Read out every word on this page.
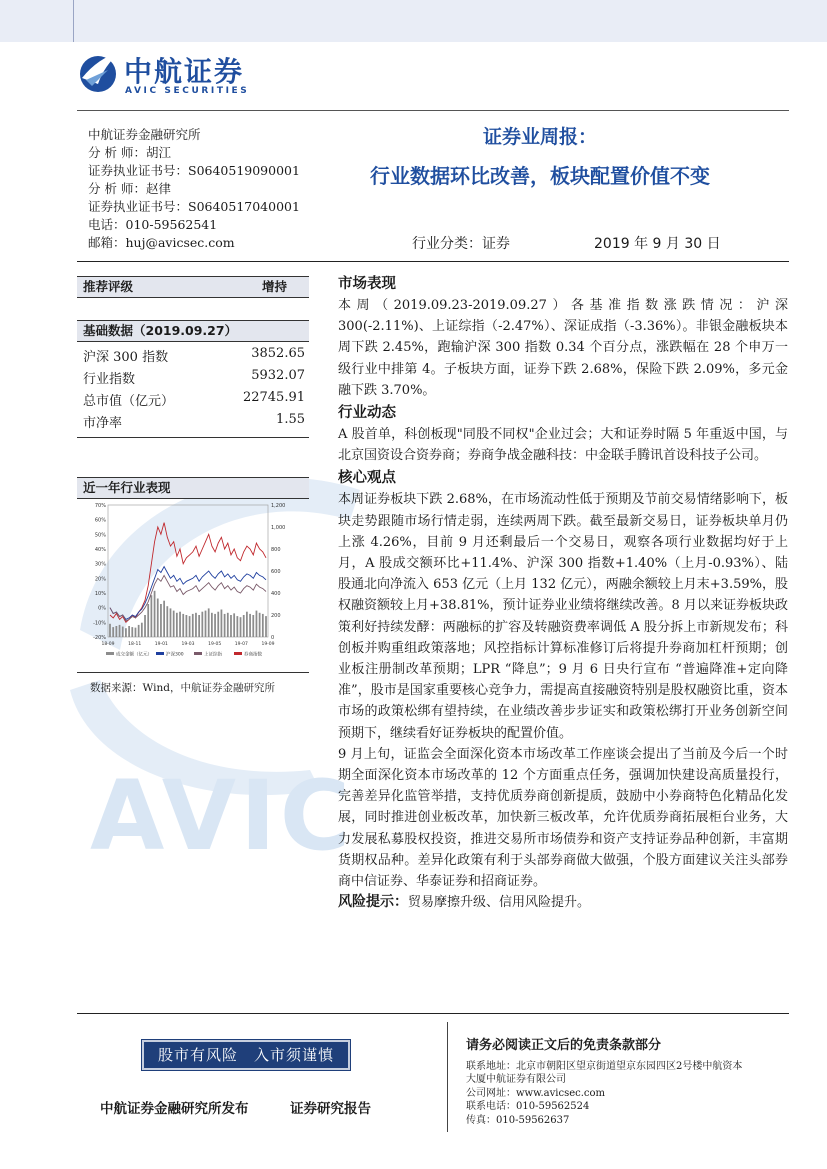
AVIC
中航证券
AVIC SECURITIES
中航证券金融研究所
分 析 师：胡江
证券执业证书号：S0640519090001
分 析 师：赵律
证券执业证书号：S0640517040001
电话：010-59562541
邮箱：huj@avicsec.com
证券业周报：
行业数据环比改善，板块配置价值不变
行业分类：证券	2019 年 9 月 30 日
推荐评级	增持
基础数据（2019.09.27）
沪深 300 指数	3852.65
行业指数	5932.07
总市值（亿元）	22745.91
市净率	1.55
近一年行业表现
70%
60%
50%
40%
30%
20%
10%
0%
-10%
-20%
1,200
1,000
800
600
400
200
0
18-09	18-11	19-01	19-03	19-05	19-07	19-09
成交金额（亿元）	沪深300	上证综指	券商指数
数据来源：Wind，中航证券金融研究所
市场表现

本周（2019.09.23-2019.09.27）各基准指数涨跌情况：沪深 300(-2.11%)、上证综指（-2.47%）、深证成指（-3.36%）。非银金融板块本周下跌 2.45%，跑输沪深 300 指数 0.34 个百分点，涨跌幅在 28 个申万一级行业中排第 4。子板块方面，证券下跌 2.68%，保险下跌 2.09%，多元金融下跌 3.70%。

行业动态

A 股首单，科创板现"同股不同权"企业过会；大和证券时隔 5 年重返中国，与北京国资设合资券商；券商争战金融科技：中金联手腾讯首设科技子公司。

核心观点

本周证券板块下跌 2.68%，在市场流动性低于预期及节前交易情绪影响下，板块走势跟随市场行情走弱，连续两周下跌。截至最新交易日，证券板块单月仍上涨 4.26%，目前 9 月还剩最后一个交易日，观察各项行业数据均好于上月，A 股成交额环比+11.4%、沪深 300 指数+1.40%（上月-0.93%）、陆股通北向净流入 653 亿元（上月 132 亿元），两融余额较上月末+3.59%，股权融资额较上月+38.81%，预计证券业业绩将继续改善。8 月以来证券板块政策利好持续发酵：两融标的扩容及转融资费率调低 A 股分拆上市新规发布；科创板并购重组政策落地；风控指标计算标准修订后将提升券商加杠杆预期；创业板注册制改革预期；LPR “降息”；9 月 6 日央行宣布 “普遍降准+定向降准”，股市是国家重要核心竞争力，需提高直接融资特别是股权融资比重，资本市场的政策松绑有望持续，在业绩改善步步证实和政策松绑打开业务创新空间预期下，继续看好证券板块的配置价值。

9 月上旬，证监会全面深化资本市场改革工作座谈会提出了当前及今后一个时期全面深化资本市场改革的 12 个方面重点任务，强调加快建设高质量投行，完善差异化监管举措，支持优质券商创新提质，鼓励中小券商特色化精品化发展，同时推进创业板改革，加快新三板改革，允许优质券商拓展柜台业务，大力发展私募股权投资，推进交易所市场债券和资产支持证券品种创新，丰富期货期权品种。差异化政策有利于头部券商做大做强，个股方面建议关注头部券商中信证券、华泰证券和招商证券。

风险提示：贸易摩擦升级、信用风险提升。

股市有风险　入市须谨慎
中航证券金融研究所发布	证券研究报告
请务必阅读正文后的免责条款部分
联系地址：北京市朝阳区望京街道望京东园四区2号楼中航资本
大厦中航证券有限公司
公司网址：www.avicsec.com
联系电话：010-59562524
传真：010-59562637
